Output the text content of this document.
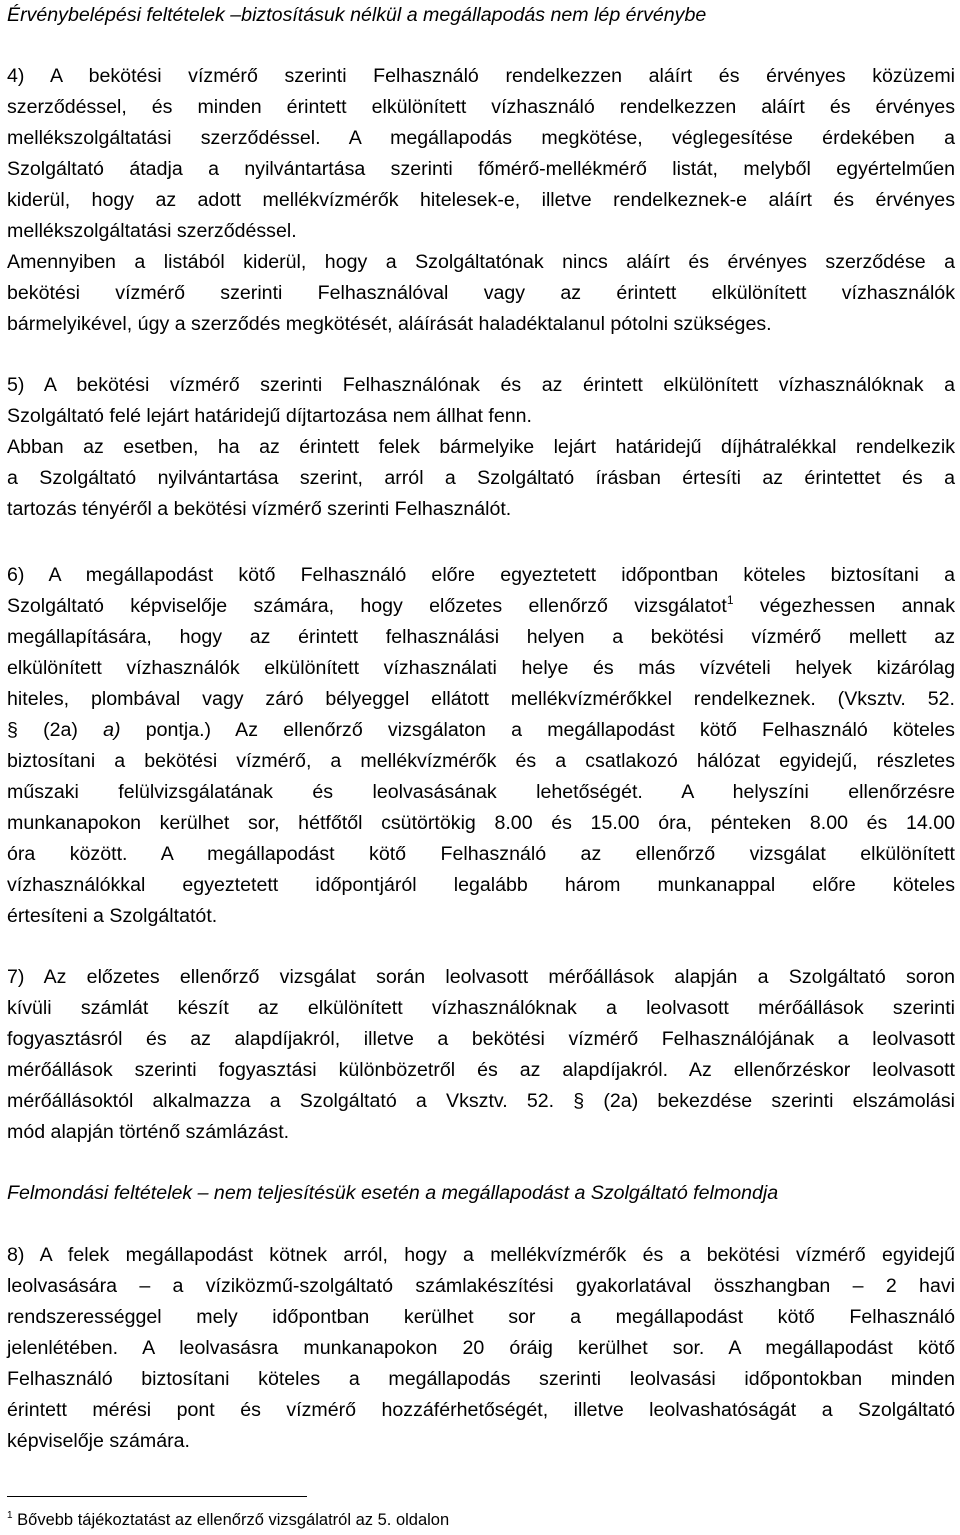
Érvénybelépési feltételek –biztosításuk nélkül a megállapodás nem lép érvénybe
4) A bekötési vízmérő szerinti Felhasználó rendelkezzen aláírt és érvényes közüzemi
szerződéssel, és minden érintett elkülönített vízhasználó rendelkezzen aláírt és érvényes
mellékszolgáltatási szerződéssel. A megállapodás megkötése, véglegesítése érdekében a
Szolgáltató átadja a nyilvántartása szerinti főmérő-mellékmérő listát, melyből egyértelműen
kiderül, hogy az adott mellékvízmérők hitelesek-e, illetve rendelkeznek-e aláírt és érvényes
mellékszolgáltatási szerződéssel.
Amennyiben a listából kiderül, hogy a Szolgáltatónak nincs aláírt és érvényes szerződése a
bekötési vízmérő szerinti Felhasználóval vagy az érintett elkülönített vízhasználók
bármelyikével, úgy a szerződés megkötését, aláírását haladéktalanul pótolni szükséges.
5) A bekötési vízmérő szerinti Felhasználónak és az érintett elkülönített vízhasználóknak a
Szolgáltató felé lejárt határidejű díjtartozása nem állhat fenn.
Abban az esetben, ha az érintett felek bármelyike lejárt határidejű díjhátralékkal rendelkezik
a Szolgáltató nyilvántartása szerint, arról a Szolgáltató írásban értesíti az érintettet és a
tartozás tényéről a bekötési vízmérő szerinti Felhasználót.
6) A megállapodást kötő Felhasználó előre egyeztetett időpontban köteles biztosítani a
Szolgáltató képviselője számára, hogy előzetes ellenőrző vizsgálatot$^1$ végezhessen annak
megállapítására, hogy az érintett felhasználási helyen a bekötési vízmérő mellett az
elkülönített vízhasználók elkülönített vízhasználati helye és más vízvételi helyek kizárólag
hiteles, plombával vagy záró bélyeggel ellátott mellékvízmérőkkel rendelkeznek. (Vksztv. 52.
§ (2a) a) pontja.) Az ellenőrző vizsgálaton a megállapodást kötő Felhasználó köteles
biztosítani a bekötési vízmérő, a mellékvízmérők és a csatlakozó hálózat egyidejű, részletes
műszaki felülvizsgálatának és leolvasásának lehetőségét. A helyszíni ellenőrzésre
munkanapokon kerülhet sor, hétfőtől csütörtökig 8.00 és 15.00 óra, pénteken 8.00 és 14.00
óra között. A megállapodást kötő Felhasználó az ellenőrző vizsgálat elkülönített
vízhasználókkal egyeztetett időpontjáról legalább három munkanappal előre köteles
értesíteni a Szolgáltatót.
7) Az előzetes ellenőrző vizsgálat során leolvasott mérőállások alapján a Szolgáltató soron
kívüli számlát készít az elkülönített vízhasználóknak a leolvasott mérőállások szerinti
fogyasztásról és az alapdíjakról, illetve a bekötési vízmérő Felhasználójának a leolvasott
mérőállások szerinti fogyasztási különbözetről és az alapdíjakról. Az ellenőrzéskor leolvasott
mérőállásoktól alkalmazza a Szolgáltató a Vksztv. 52. § (2a) bekezdése szerinti elszámolási
mód alapján történő számlázást.
Felmondási feltételek – nem teljesítésük esetén a megállapodást a Szolgáltató felmondja
8) A felek megállapodást kötnek arról, hogy a mellékvízmérők és a bekötési vízmérő egyidejű
leolvasására – a víziközmű-szolgáltató számlakészítési gyakorlatával összhangban – 2 havi
rendszerességgel mely időpontban kerülhet sor a megállapodást kötő Felhasználó
jelenlétében. A leolvasásra munkanapokon 20 óráig kerülhet sor. A megállapodást kötő
Felhasználó biztosítani köteles a megállapodás szerinti leolvasási időpontokban minden
érintett mérési pont és vízmérő hozzáférhetőségét, illetve leolvashatóságát a Szolgáltató
képviselője számára.
$^1$ Bővebb tájékoztatást az ellenőrző vizsgálatról az 5. oldalon
